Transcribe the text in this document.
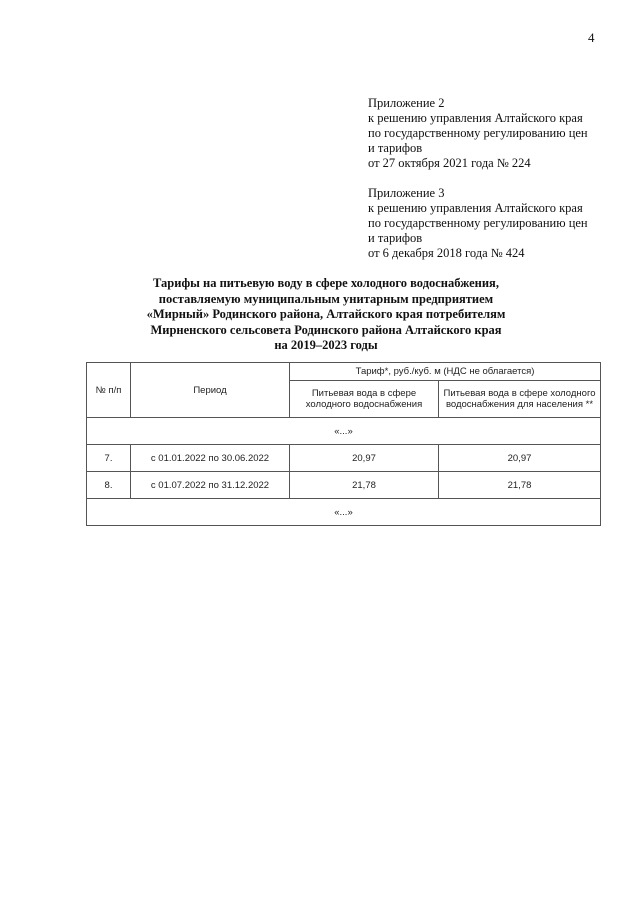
4
Приложение 2
к решению управления Алтайского края
по государственному регулированию цен
и тарифов
от 27 октября 2021 года № 224
Приложение 3
к решению управления Алтайского края
по государственному регулированию цен
и тарифов
от 6 декабря 2018 года № 424
Тарифы на питьевую воду в сфере холодного водоснабжения,
поставляемую муниципальным унитарным предприятием
«Мирный» Родинского района, Алтайского края потребителям
Мирненского сельсовета Родинского района Алтайского края
на 2019–2023 годы
№ п/п	Период	Тариф*, руб./куб. м (НДС не облагается)	
		Питьевая вода в сфере холодного водоснабжения	Питьевая вода в сфере холодного водоснабжения для населения **
«...»			
7.	с 01.01.2022 по 30.06.2022	20,97	20,97
8.	с 01.07.2022 по 31.12.2022	21,78	21,78
«...»			
